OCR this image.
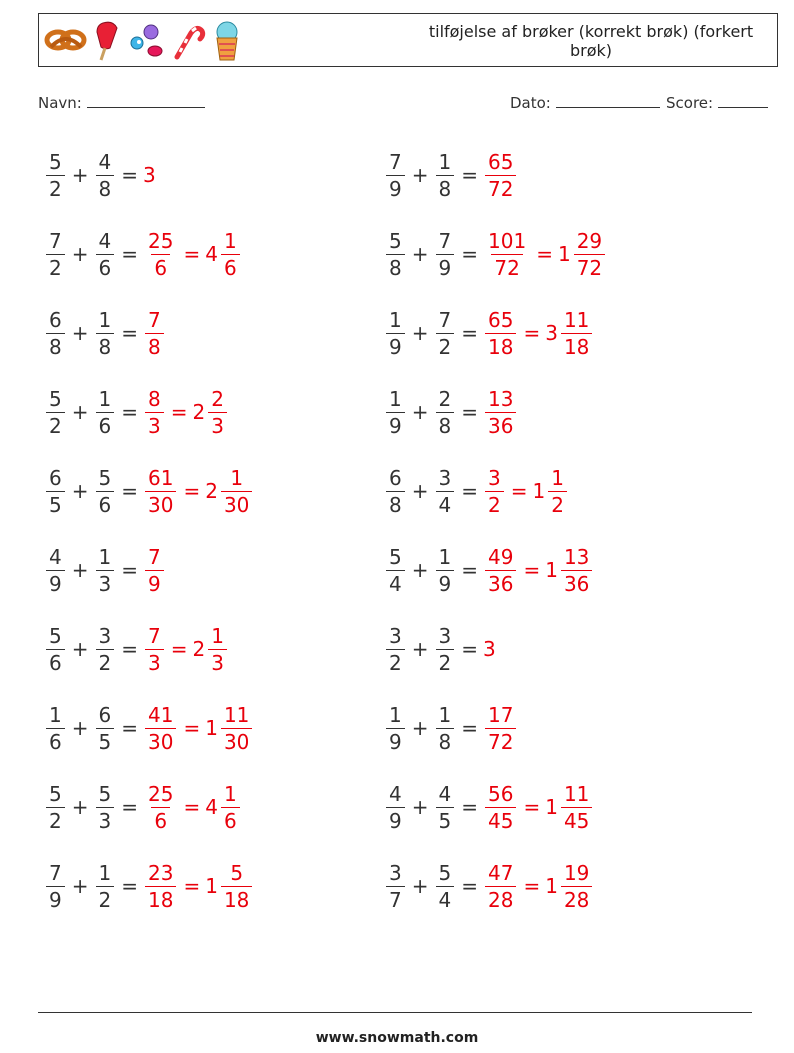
tilføjelse af brøker (korrekt brøk) (forkert brøk)
Navn:	Dato:	Score:
$\frac{5}{2} + \frac{4}{8} = 3$	$\frac{7}{9} + \frac{1}{8} = \frac{65}{72}$
$\frac{7}{2} + \frac{4}{6} = \frac{25}{6} = 4 \frac{1}{6}$	$\frac{5}{8} + \frac{7}{9} = \frac{101}{72} = 1 \frac{29}{72}$
$\frac{6}{8} + \frac{1}{8} = \frac{7}{8}$	$\frac{1}{9} + \frac{7}{2} = \frac{65}{18} = 3 \frac{11}{18}$
$\frac{5}{2} + \frac{1}{6} = \frac{8}{3} = 2 \frac{2}{3}$	$\frac{1}{9} + \frac{2}{8} = \frac{13}{36}$
$\frac{6}{5} + \frac{5}{6} = \frac{61}{30} = 2 \frac{1}{30}$	$\frac{6}{8} + \frac{3}{4} = \frac{3}{2} = 1 \frac{1}{2}$
$\frac{4}{9} + \frac{1}{3} = \frac{7}{9}$	$\frac{5}{4} + \frac{1}{9} = \frac{49}{36} = 1 \frac{13}{36}$
$\frac{5}{6} + \frac{3}{2} = \frac{7}{3} = 2 \frac{1}{3}$	$\frac{3}{2} + \frac{3}{2} = 3$
$\frac{1}{6} + \frac{6}{5} = \frac{41}{30} = 1 \frac{11}{30}$	$\frac{1}{9} + \frac{1}{8} = \frac{17}{72}$
$\frac{5}{2} + \frac{5}{3} = \frac{25}{6} = 4 \frac{1}{6}$	$\frac{4}{9} + \frac{4}{5} = \frac{56}{45} = 1 \frac{11}{45}$
$\frac{7}{9} + \frac{1}{2} = \frac{23}{18} = 1 \frac{5}{18}$	$\frac{3}{7} + \frac{5}{4} = \frac{47}{28} = 1 \frac{19}{28}$
www.snowmath.com
